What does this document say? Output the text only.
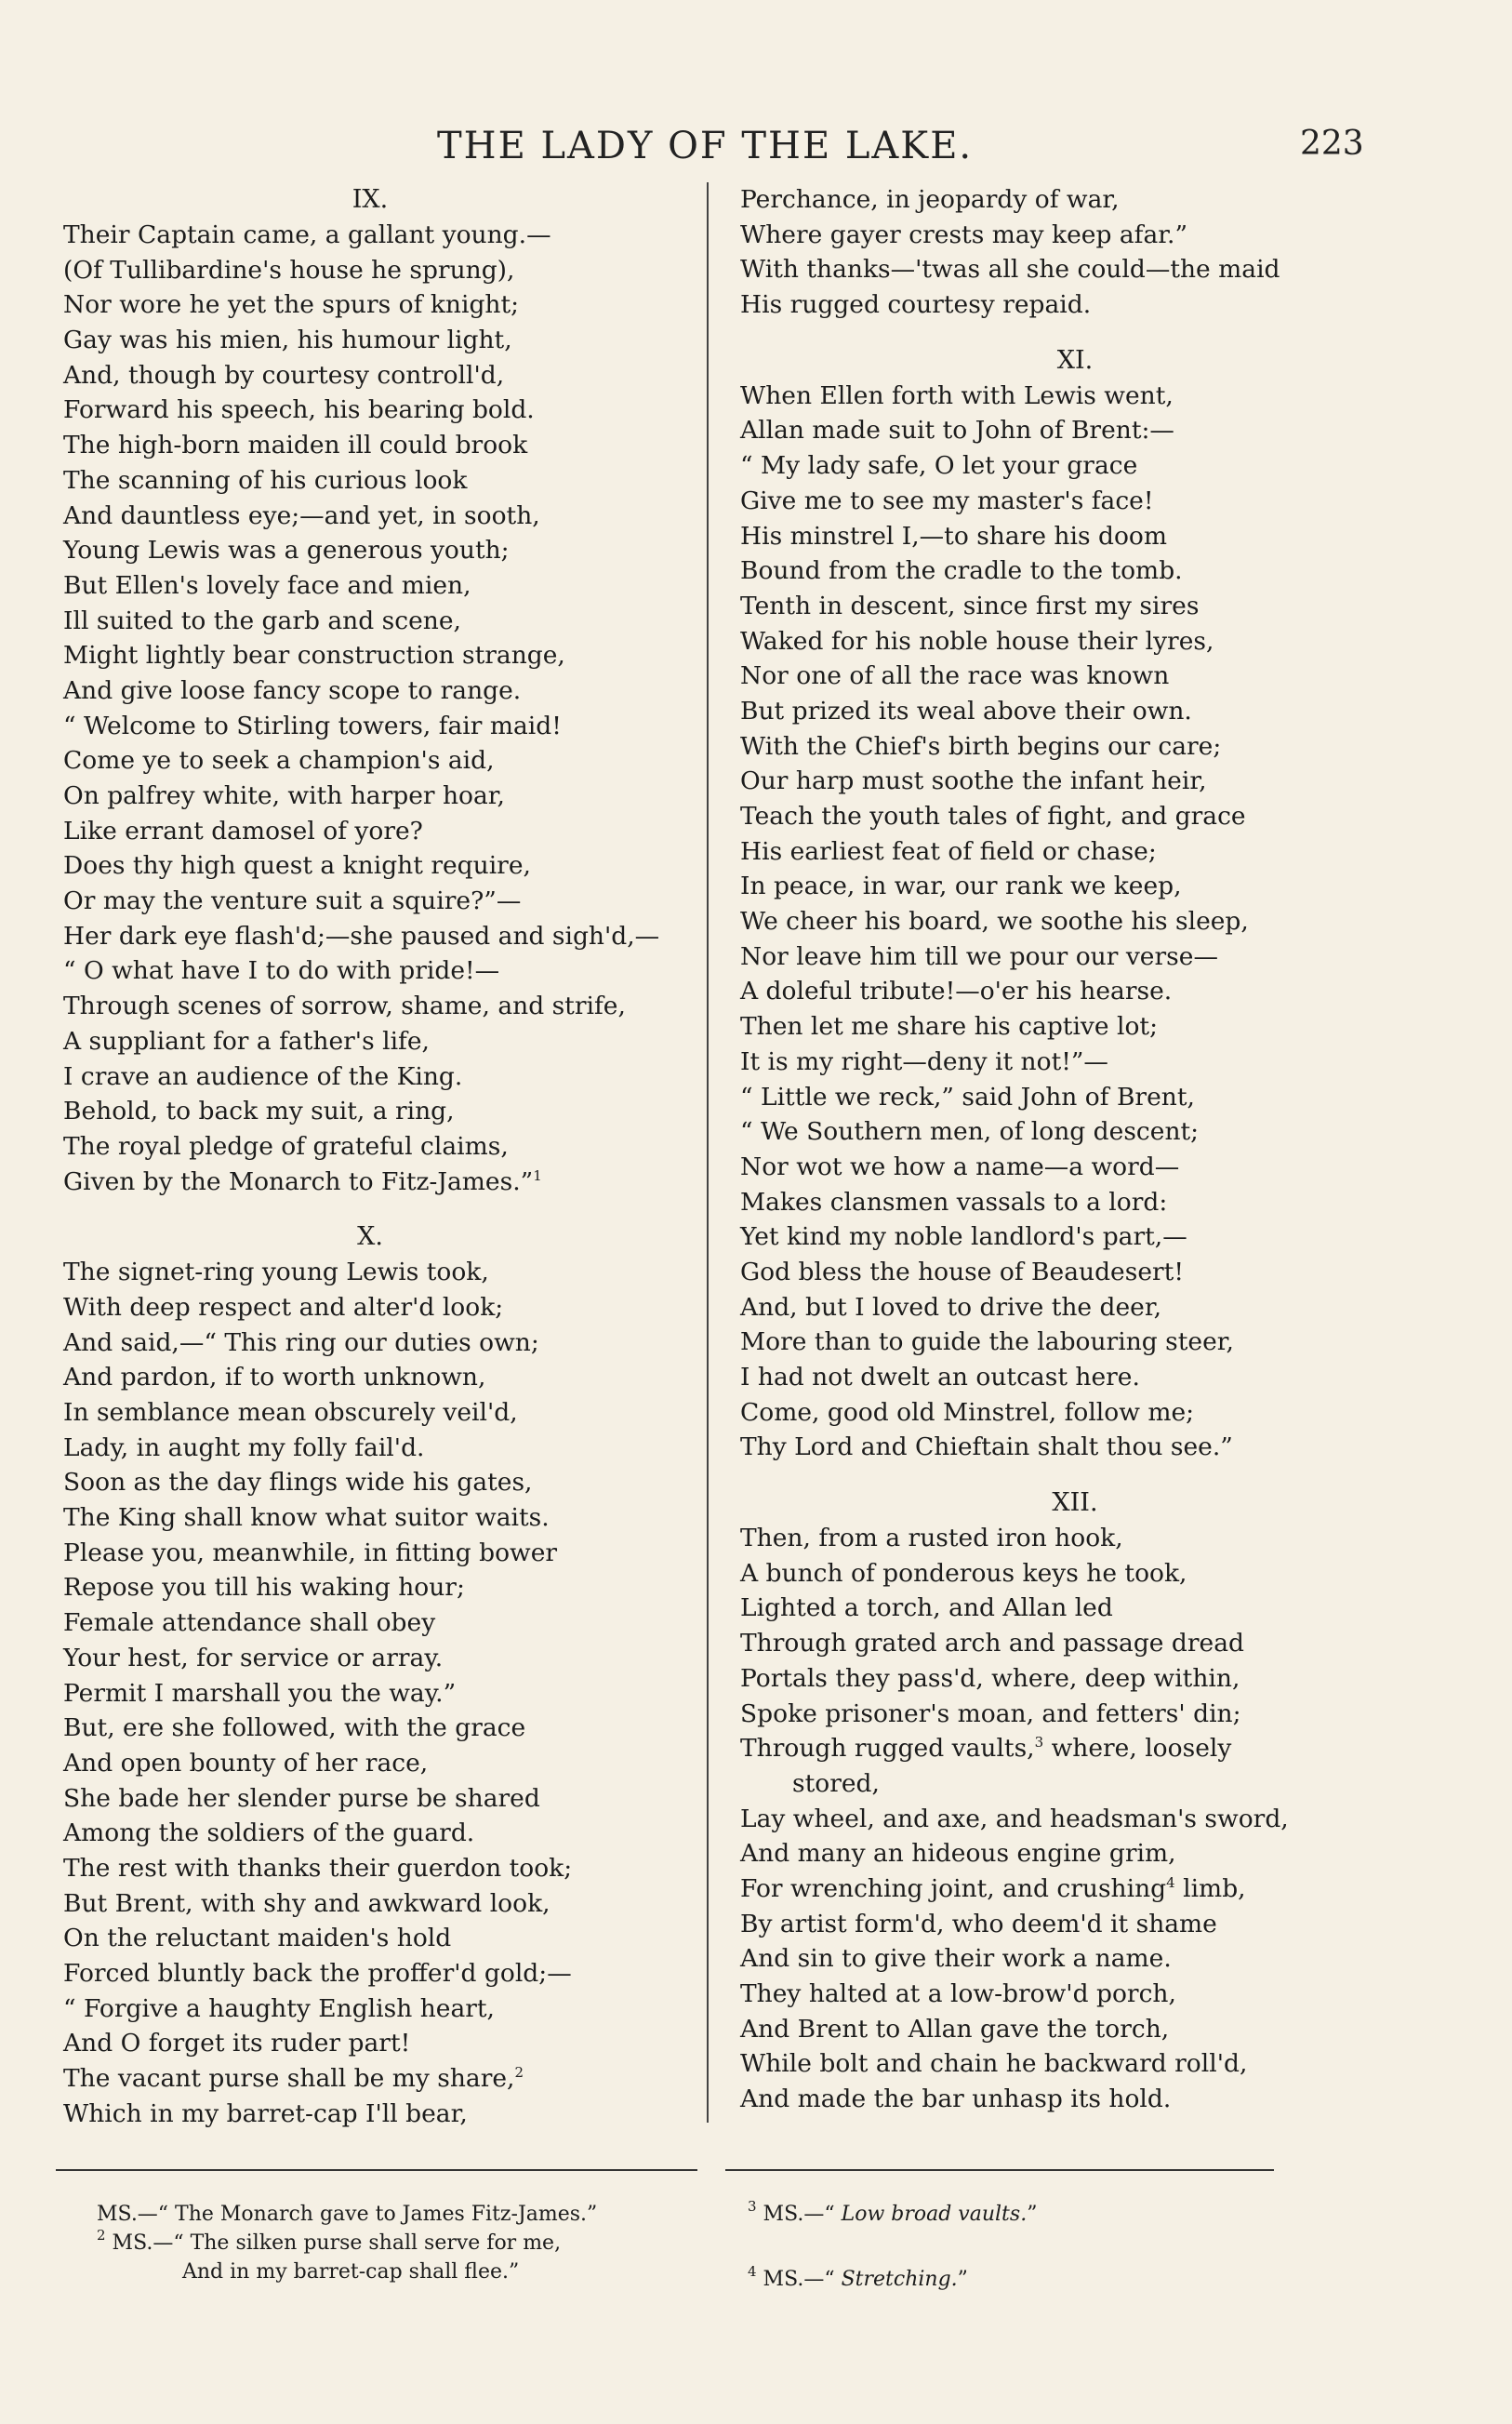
THE LADY OF THE LAKE.	223
IX.
Their Captain came, a gallant young.—
(Of Tullibardine's house he sprung),
Nor wore he yet the spurs of knight;
Gay was his mien, his humour light,
And, though by courtesy controll'd,
Forward his speech, his bearing bold.
The high-born maiden ill could brook
The scanning of his curious look
And dauntless eye;—and yet, in sooth,
Young Lewis was a generous youth;
But Ellen's lovely face and mien,
Ill suited to the garb and scene,
Might lightly bear construction strange,
And give loose fancy scope to range.
“ Welcome to Stirling towers, fair maid!
Come ye to seek a champion's aid,
On palfrey white, with harper hoar,
Like errant damosel of yore?
Does thy high quest a knight require,
Or may the venture suit a squire?”—
Her dark eye flash'd;—she paused and sigh'd,—
“ O what have I to do with pride!—
Through scenes of sorrow, shame, and strife,
A suppliant for a father's life,
I crave an audience of the King.
Behold, to back my suit, a ring,
The royal pledge of grateful claims,
Given by the Monarch to Fitz-James.”$^1$
X.
The signet-ring young Lewis took,
With deep respect and alter'd look;
And said,—“ This ring our duties own;
And pardon, if to worth unknown,
In semblance mean obscurely veil'd,
Lady, in aught my folly fail'd.
Soon as the day flings wide his gates,
The King shall know what suitor waits.
Please you, meanwhile, in fitting bower
Repose you till his waking hour;
Female attendance shall obey
Your hest, for service or array.
Permit I marshall you the way.”
But, ere she followed, with the grace
And open bounty of her race,
She bade her slender purse be shared
Among the soldiers of the guard.
The rest with thanks their guerdon took;
But Brent, with shy and awkward look,
On the reluctant maiden's hold
Forced bluntly back the proffer'd gold;—
“ Forgive a haughty English heart,
And O forget its ruder part!
The vacant purse shall be my share,$^2$
Which in my barret-cap I'll bear,
Perchance, in jeopardy of war,
Where gayer crests may keep afar.”
With thanks—'twas all she could—the maid
His rugged courtesy repaid.
XI.
When Ellen forth with Lewis went,
Allan made suit to John of Brent:—
“ My lady safe, O let your grace
Give me to see my master's face!
His minstrel I,—to share his doom
Bound from the cradle to the tomb.
Tenth in descent, since first my sires
Waked for his noble house their lyres,
Nor one of all the race was known
But prized its weal above their own.
With the Chief's birth begins our care;
Our harp must soothe the infant heir,
Teach the youth tales of fight, and grace
His earliest feat of field or chase;
In peace, in war, our rank we keep,
We cheer his board, we soothe his sleep,
Nor leave him till we pour our verse—
A doleful tribute!—o'er his hearse.
Then let me share his captive lot;
It is my right—deny it not!”—
“ Little we reck,” said John of Brent,
“ We Southern men, of long descent;
Nor wot we how a name—a word—
Makes clansmen vassals to a lord:
Yet kind my noble landlord's part,—
God bless the house of Beaudesert!
And, but I loved to drive the deer,
More than to guide the labouring steer,
I had not dwelt an outcast here.
Come, good old Minstrel, follow me;
Thy Lord and Chieftain shalt thou see.”
XII.
Then, from a rusted iron hook,
A bunch of ponderous keys he took,
Lighted a torch, and Allan led
Through grated arch and passage dread
Portals they pass'd, where, deep within,
Spoke prisoner's moan, and fetters' din;
Through rugged vaults,$^3$ where, loosely
stored,
Lay wheel, and axe, and headsman's sword,
And many an hideous engine grim,
For wrenching joint, and crushing$^4$ limb,
By artist form'd, who deem'd it shame
And sin to give their work a name.
They halted at a low-brow'd porch,
And Brent to Allan gave the torch,
While bolt and chain he backward roll'd,
And made the bar unhasp its hold.
MS.—“ The Monarch gave to James Fitz-James.”
$^2$ MS.—“ The silken purse shall serve for me,
And in my barret-cap shall flee.”
$^3$ MS.—“ Low broad vaults.”
$^4$ MS.—“ Stretching.”
